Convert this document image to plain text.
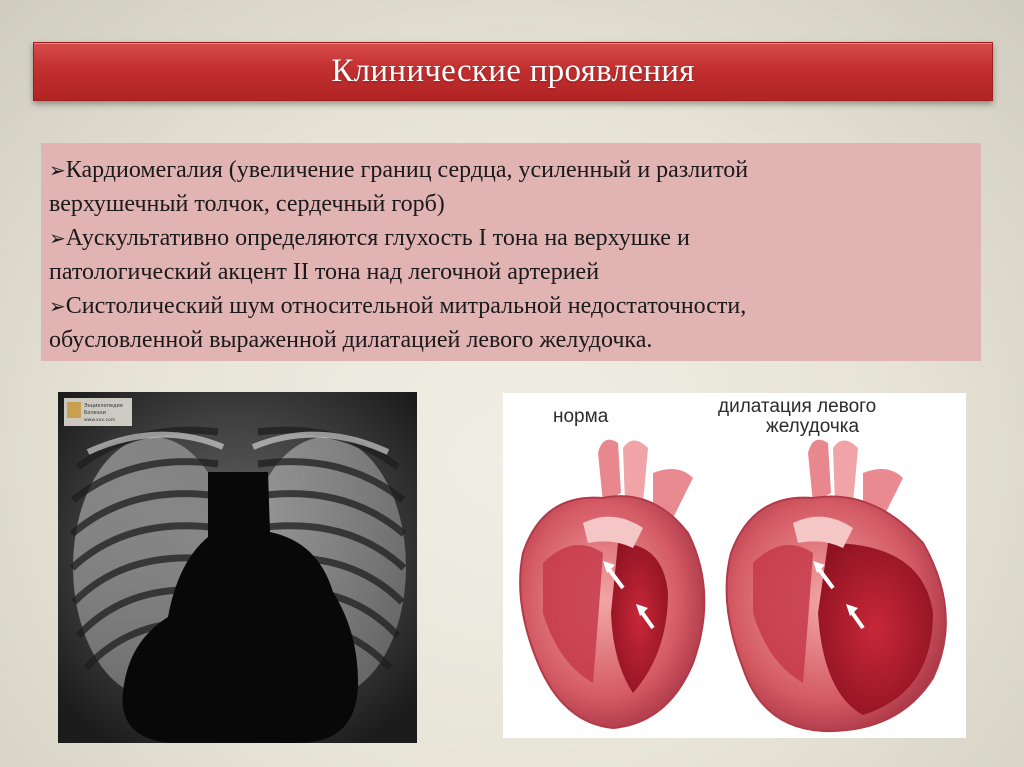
Клинические проявления

➢Кардиомегалия (увеличение границ сердца, усиленный и разлитой
верхушечный толчок, сердечный горб)

➢Аускультативно определяются глухость I тона на верхушке и
патологический акцент II тона над легочной артерией

➢Систолический шум относительной митральной недостаточности,
обусловленной выраженной дилатацией левого желудочка.

Энциклопедия
Болезни
www.xxx.com	норма	дилатация левого
желудочка
